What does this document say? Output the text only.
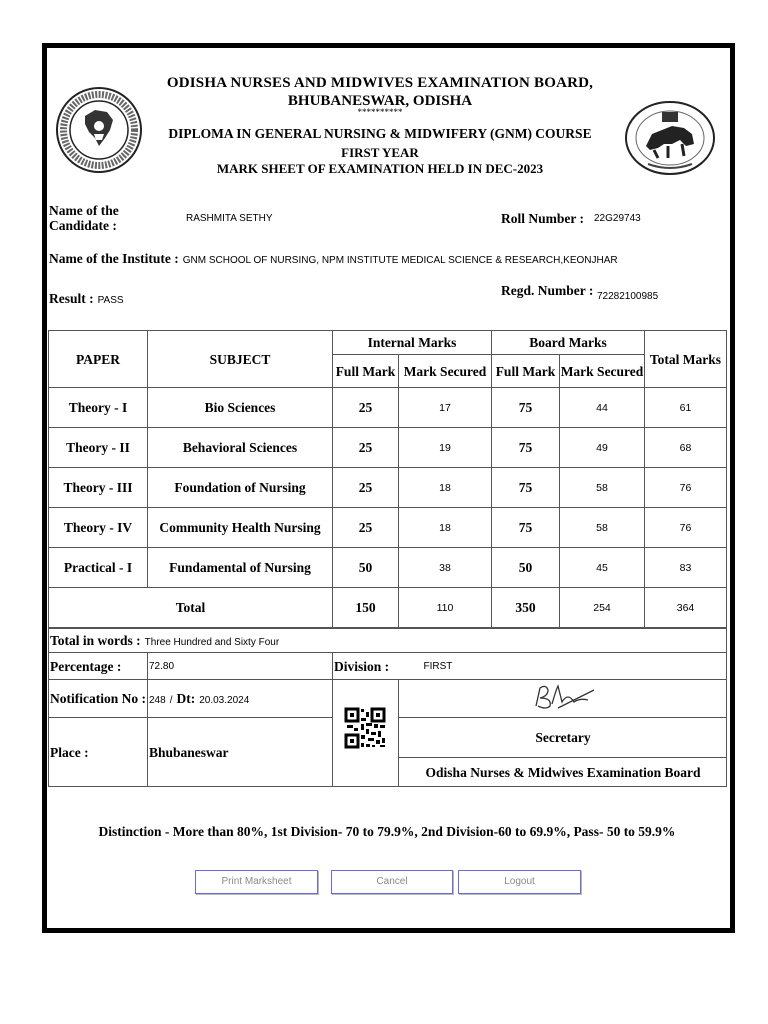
ODISHA NURSES AND MIDWIVES EXAMINATION BOARD,
BHUBANESWAR, ODISHA
**********
DIPLOMA IN GENERAL NURSING & MIDWIFERY (GNM) COURSE
FIRST YEAR
MARK SHEET OF EXAMINATION HELD IN DEC-2023
Name of the Candidate :	RASHMITA SETHY	Roll Number : 22G29743
Name of the Institute : GNM SCHOOL OF NURSING, NPM INSTITUTE MEDICAL SCIENCE & RESEARCH,KEONJHAR
Result : PASS
Regd. Number : 72282100985
PAPER	SUBJECT	Internal Marks		Board Marks		Total Marks
		Full Mark	Mark Secured	Full Mark	Mark Secured	
Theory - I	Bio Sciences	25	17	75	44	61
Theory - II	Behavioral Sciences	25	19	75	49	68
Theory - III	Foundation of Nursing	25	18	75	58	76
Theory - IV	Community Health Nursing	25	18	75	58	76
Practical - I	Fundamental of Nursing	50	38	50	45	83
Total		150	110	350	254	364
Total in words : Three Hundred and Sixty Four				
Percentage :	72.80	Division :		FIRST
Notification No :	248 / Dt: 20.03.2024		
Place :	Bhubaneswar		Secretary	
			Odisha Nurses & Midwives Examination Board	
Distinction - More than 80%, 1st Division- 70 to 79.9%, 2nd Division-60 to 69.9%, Pass- 50 to 59.9%
Print Marksheet	Cancel	Logout
